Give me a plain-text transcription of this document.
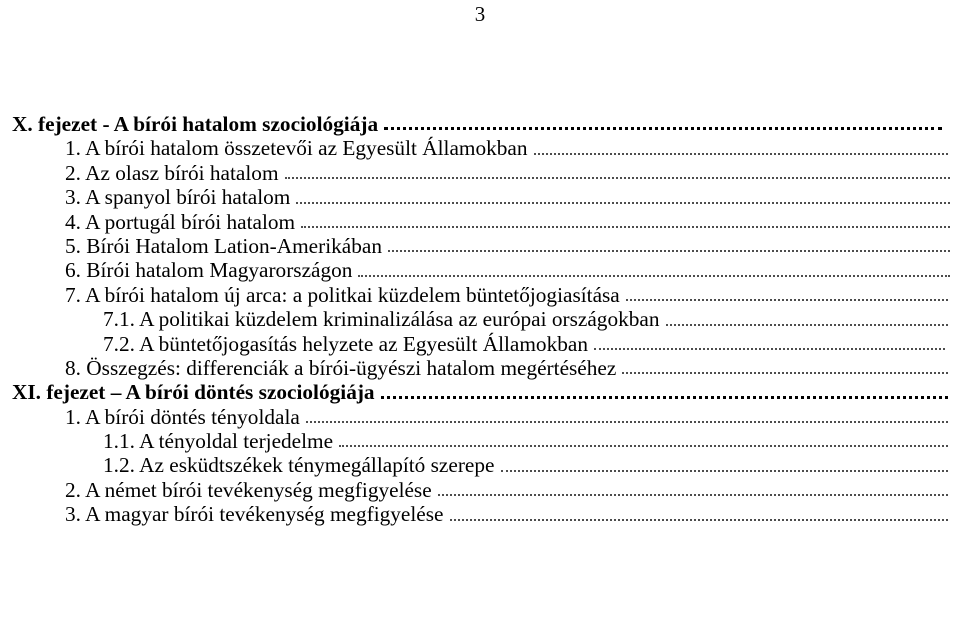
3
X. fejezet - A bírói hatalom szociológiája
1. A bírói hatalom összetevői az Egyesült Államokban
2. Az olasz bírói hatalom
3. A spanyol bírói hatalom
4. A portugál bírói hatalom
5. Bírói Hatalom Lation-Amerikában
6. Bírói hatalom Magyarországon
7. A bírói hatalom új arca: a politkai küzdelem büntetőjogiasítása
7.1. A politikai küzdelem kriminalizálása az európai országokban
7.2. A büntetőjogasítás helyzete az Egyesült Államokban
8. Összegzés: differenciák a bírói-ügyészi hatalom megértéséhez
XI. fejezet – A bírói döntés szociológiája
1. A bírói döntés tényoldala
1.1. A tényoldal terjedelme
1.2. Az esküdtszékek ténymegállapító szerepe
2. A német bírói tevékenység megfigyelése
3. A magyar bírói tevékenység megfigyelése
